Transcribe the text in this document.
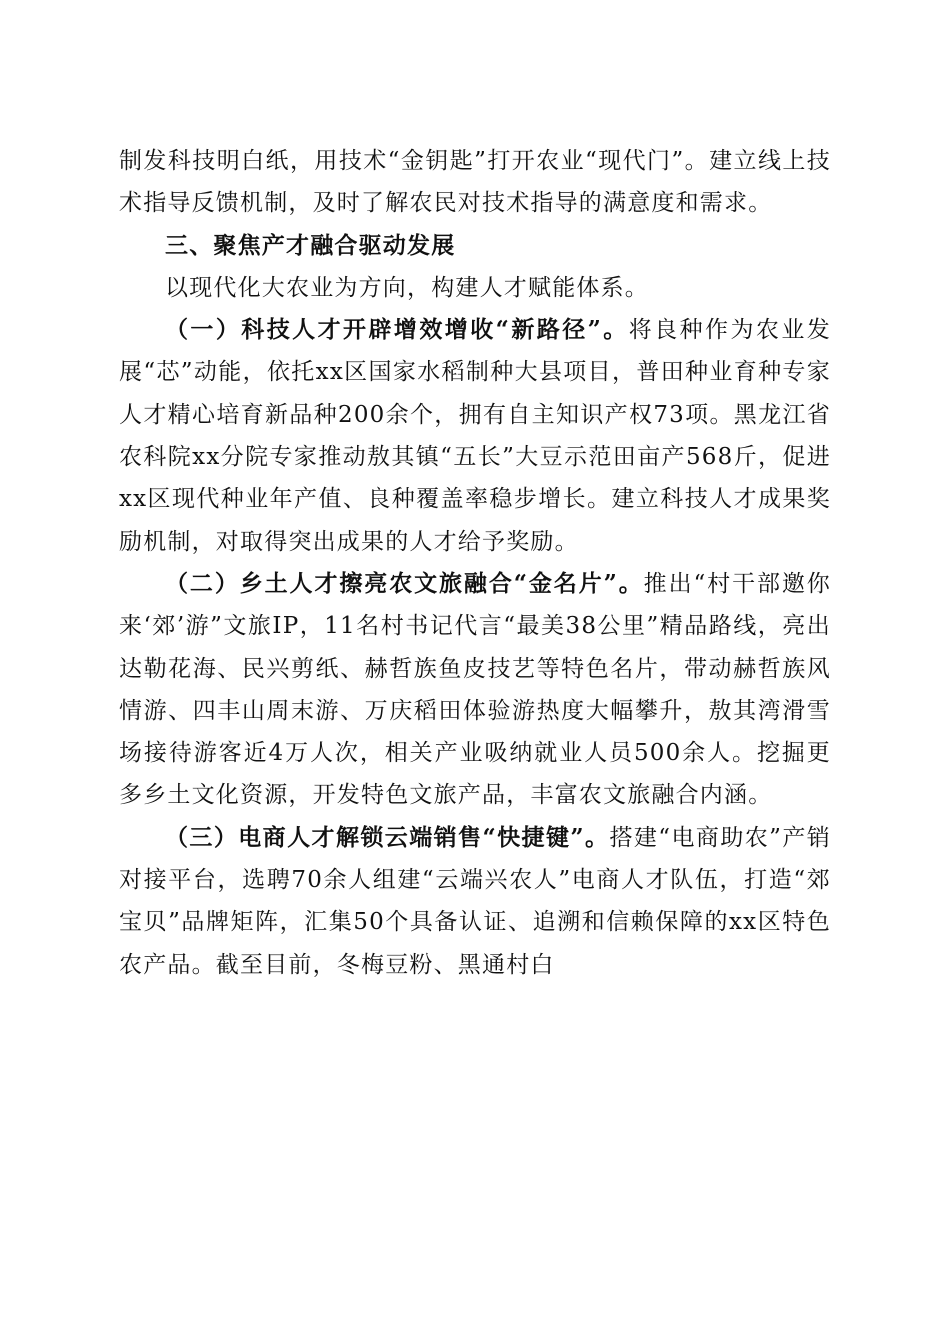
制发科技明白纸，用技术“金钥匙”打开农业“现代门”。建立线上技术指导反馈机制，及时了解农民对技术指导的满意度和需求。

三、聚焦产才融合驱动发展

以现代化大农业为方向，构建人才赋能体系。

（一）科技人才开辟增效增收“新路径”。将良种作为农业发展“芯”动能，依托xx区国家水稻制种大县项目，普田种业育种专家人才精心培育新品种200余个，拥有自主知识产权73项。黑龙江省农科院xx分院专家推动敖其镇“五长”大豆示范田亩产568斤，促进xx区现代种业年产值、良种覆盖率稳步增长。建立科技人才成果奖励机制，对取得突出成果的人才给予奖励。

（二）乡土人才擦亮农文旅融合“金名片”。推出“村干部邀你来‘郊’游”文旅IP，11名村书记代言“最美38公里”精品路线，亮出达勒花海、民兴剪纸、赫哲族鱼皮技艺等特色名片，带动赫哲族风情游、四丰山周末游、万庆稻田体验游热度大幅攀升，敖其湾滑雪场接待游客近4万人次，相关产业吸纳就业人员500余人。挖掘更多乡土文化资源，开发特色文旅产品，丰富农文旅融合内涵。

（三）电商人才解锁云端销售“快捷键”。搭建“电商助农”产销对接平台，选聘70余人组建“云端兴农人”电商人才队伍，打造“郊宝贝”品牌矩阵，汇集50个具备认证、追溯和信赖保障的xx区特色农产品。截至目前，冬梅豆粉、黑通村白
